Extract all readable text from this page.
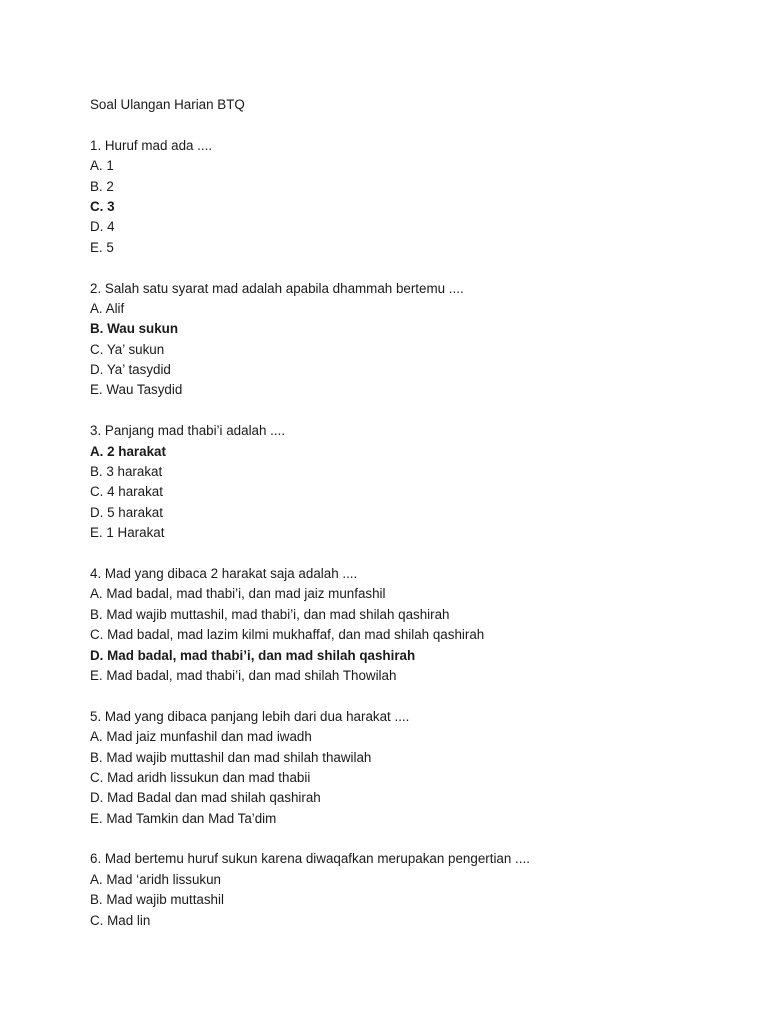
Soal Ulangan Harian BTQ
1. Huruf mad ada ....
A. 1
B. 2
C. 3
D. 4
E. 5
2. Salah satu syarat mad adalah apabila dhammah bertemu ....
A. Alif
B. Wau sukun
C. Ya’ sukun
D. Ya’ tasydid
E. Wau Tasydid
3. Panjang mad thabi’i adalah ....
A. 2 harakat
B. 3 harakat
C. 4 harakat
D. 5 harakat
E. 1 Harakat
4. Mad yang dibaca 2 harakat saja adalah ....
A. Mad badal, mad thabi’i, dan mad jaiz munfashil
B. Mad wajib muttashil, mad thabi’i, dan mad shilah qashirah
C. Mad badal, mad lazim kilmi mukhaffaf, dan mad shilah qashirah
D. Mad badal, mad thabi’i, dan mad shilah qashirah
E. Mad badal, mad thabi’i, dan mad shilah Thowilah
5. Mad yang dibaca panjang lebih dari dua harakat ....
A. Mad jaiz munfashil dan mad iwadh
B. Mad wajib muttashil dan mad shilah thawilah
C. Mad aridh lissukun dan mad thabii
D. Mad Badal dan mad shilah qashirah
E. Mad Tamkin dan Mad Ta’dim
6. Mad bertemu huruf sukun karena diwaqafkan merupakan pengertian ....
A. Mad ‘aridh lissukun
B. Mad wajib muttashil
C. Mad lin
